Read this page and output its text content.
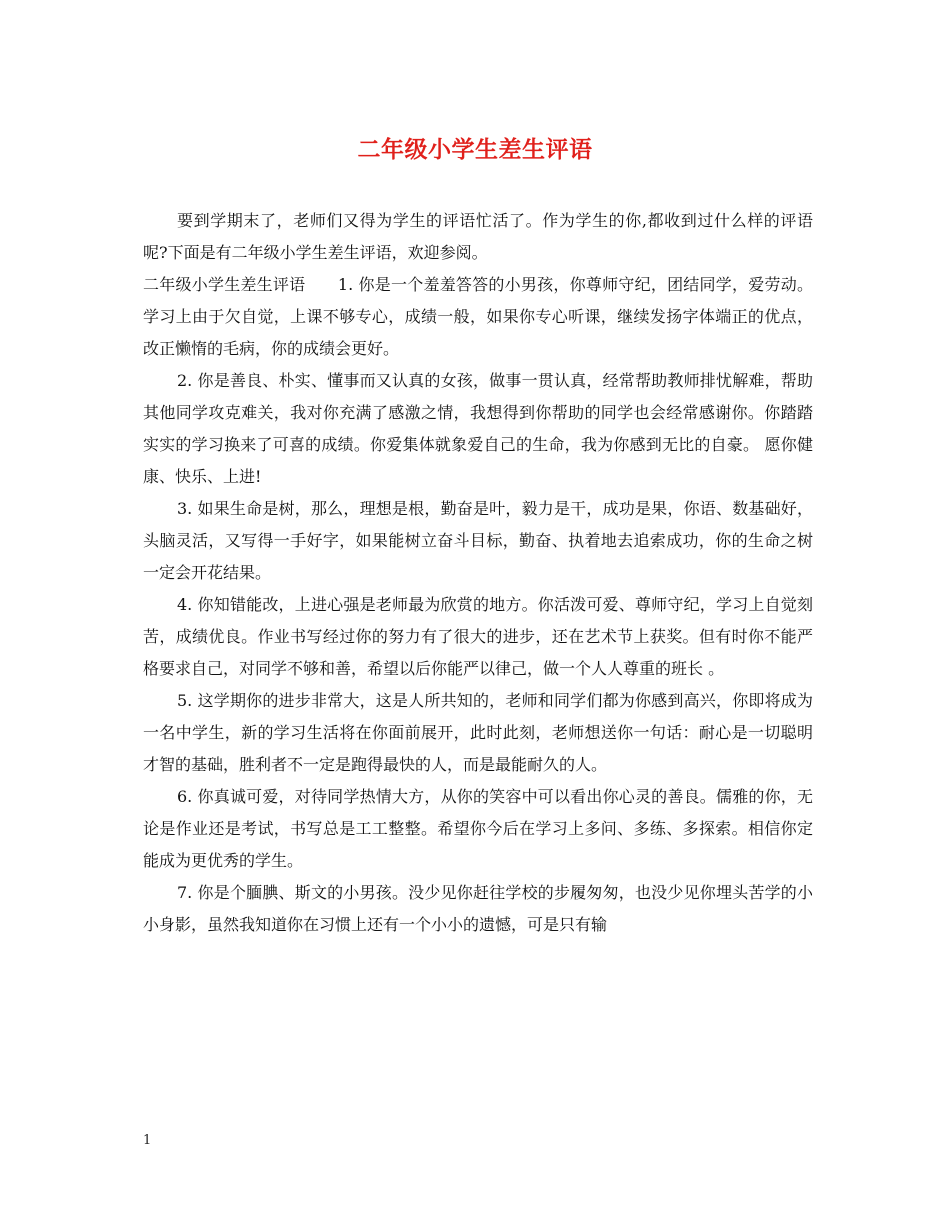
二年级小学生差生评语

要到学期末了，老师们又得为学生的评语忙活了。作为学生的你,都收到过什么样的评语呢?下面是有二年级小学生差生评语，欢迎参阅。

二年级小学生差生评语　　1. 你是一个羞羞答答的小男孩，你尊师守纪，团结同学，爱劳动。学习上由于欠自觉，上课不够专心，成绩一般，如果你专心听课，继续发扬字体端正的优点，改正懒惰的毛病，你的成绩会更好。

2. 你是善良、朴实、懂事而又认真的女孩，做事一贯认真，经常帮助教师排忧解难，帮助其他同学攻克难关，我对你充满了感激之情，我想得到你帮助的同学也会经常感谢你。你踏踏实实的学习换来了可喜的成绩。你爱集体就象爱自己的生命，我为你感到无比的自豪。 愿你健康、快乐、上进!

3. 如果生命是树，那么，理想是根，勤奋是叶，毅力是干，成功是果，你语、数基础好，头脑灵活，又写得一手好字，如果能树立奋斗目标，勤奋、执着地去追索成功，你的生命之树一定会开花结果。

4. 你知错能改，上进心强是老师最为欣赏的地方。你活泼可爱、尊师守纪，学习上自觉刻苦，成绩优良。作业书写经过你的努力有了很大的进步，还在艺术节上获奖。但有时你不能严格要求自己，对同学不够和善，希望以后你能严以律己，做一个人人尊重的班长 。

5. 这学期你的进步非常大，这是人所共知的，老师和同学们都为你感到高兴，你即将成为一名中学生，新的学习生活将在你面前展开，此时此刻，老师想送你一句话：耐心是一切聪明才智的基础，胜利者不一定是跑得最快的人，而是最能耐久的人。

6. 你真诚可爱，对待同学热情大方，从你的笑容中可以看出你心灵的善良。儒雅的你，无论是作业还是考试，书写总是工工整整。希望你今后在学习上多问、多练、多探索。相信你定能成为更优秀的学生。

7. 你是个腼腆、斯文的小男孩。没少见你赶往学校的步履匆匆，也没少见你埋头苦学的小小身影，虽然我知道你在习惯上还有一个小小的遗憾，可是只有输

1
